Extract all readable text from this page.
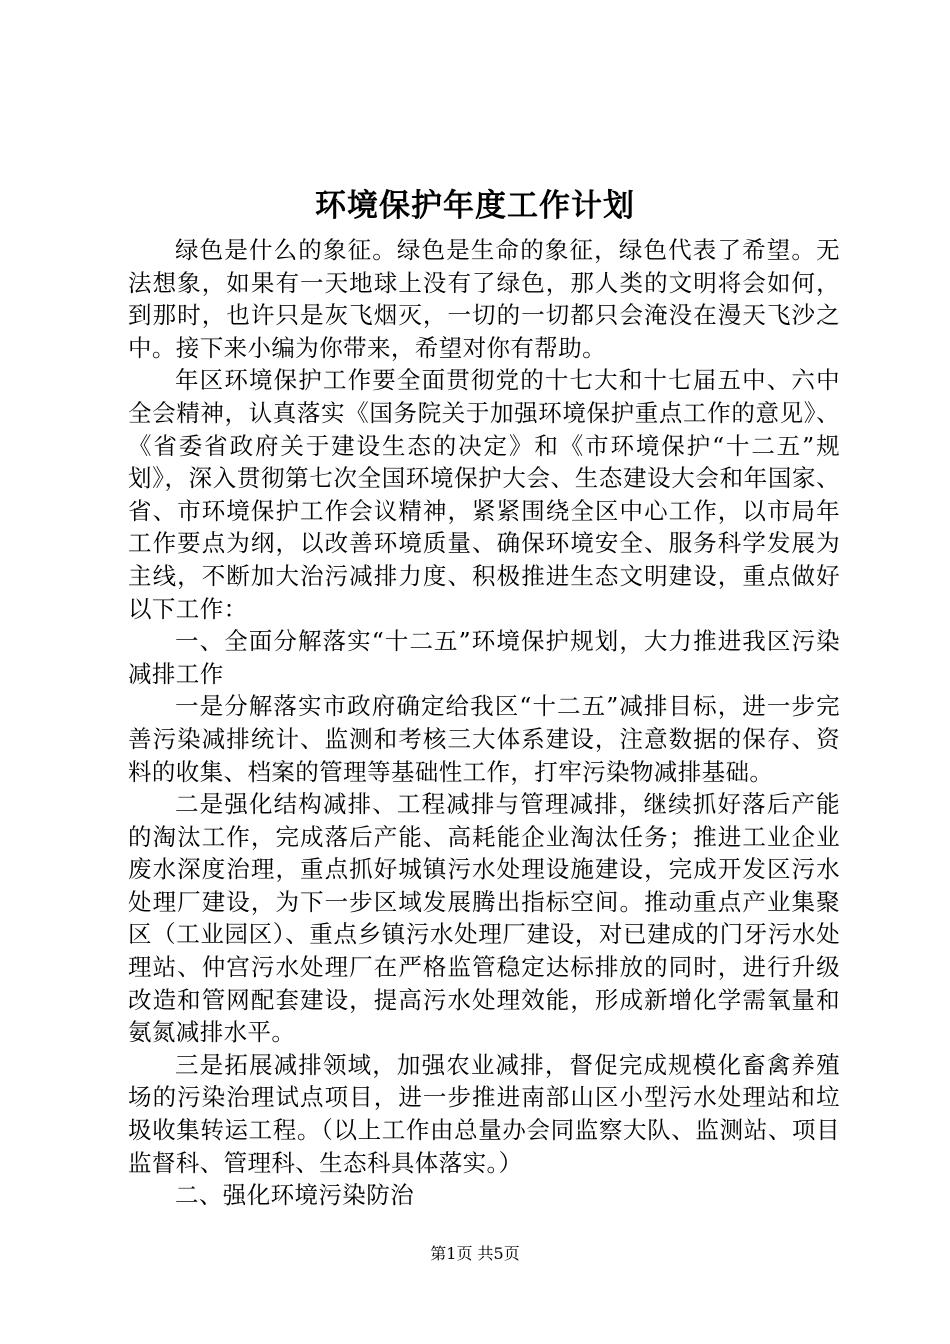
环境保护年度工作计划

绿色是什么的象征。绿色是生命的象征，绿色代表了希望。无法想象，如果有一天地球上没有了绿色，那人类的文明将会如何，到那时，也许只是灰飞烟灭，一切的一切都只会淹没在漫天飞沙之中。接下来小编为你带来，希望对你有帮助。

年区环境保护工作要全面贯彻党的十七大和十七届五中、六中全会精神，认真落实《国务院关于加强环境保护重点工作的意见》、《省委省政府关于建设生态的决定》和《市环境保护“十二五”规划》，深入贯彻第七次全国环境保护大会、生态建设大会和年国家、省、市环境保护工作会议精神，紧紧围绕全区中心工作，以市局年工作要点为纲，以改善环境质量、确保环境安全、服务科学发展为主线，不断加大治污减排力度、积极推进生态文明建设，重点做好以下工作：

一、全面分解落实“十二五”环境保护规划，大力推进我区污染减排工作

一是分解落实市政府确定给我区“十二五”减排目标，进一步完善污染减排统计、监测和考核三大体系建设，注意数据的保存、资料的收集、档案的管理等基础性工作，打牢污染物减排基础。

二是强化结构减排、工程减排与管理减排，继续抓好落后产能的淘汰工作，完成落后产能、高耗能企业淘汰任务；推进工业企业废水深度治理，重点抓好城镇污水处理设施建设，完成开发区污水处理厂建设，为下一步区域发展腾出指标空间。推动重点产业集聚区（工业园区）、重点乡镇污水处理厂建设，对已建成的门牙污水处理站、仲宫污水处理厂在严格监管稳定达标排放的同时，进行升级改造和管网配套建设，提高污水处理效能，形成新增化学需氧量和氨氮减排水平。

三是拓展减排领域，加强农业减排，督促完成规模化畜禽养殖场的污染治理试点项目，进一步推进南部山区小型污水处理站和垃圾收集转运工程。（以上工作由总量办会同监察大队、监测站、项目监督科、管理科、生态科具体落实。）

二、强化环境污染防治

第1页 共5页
